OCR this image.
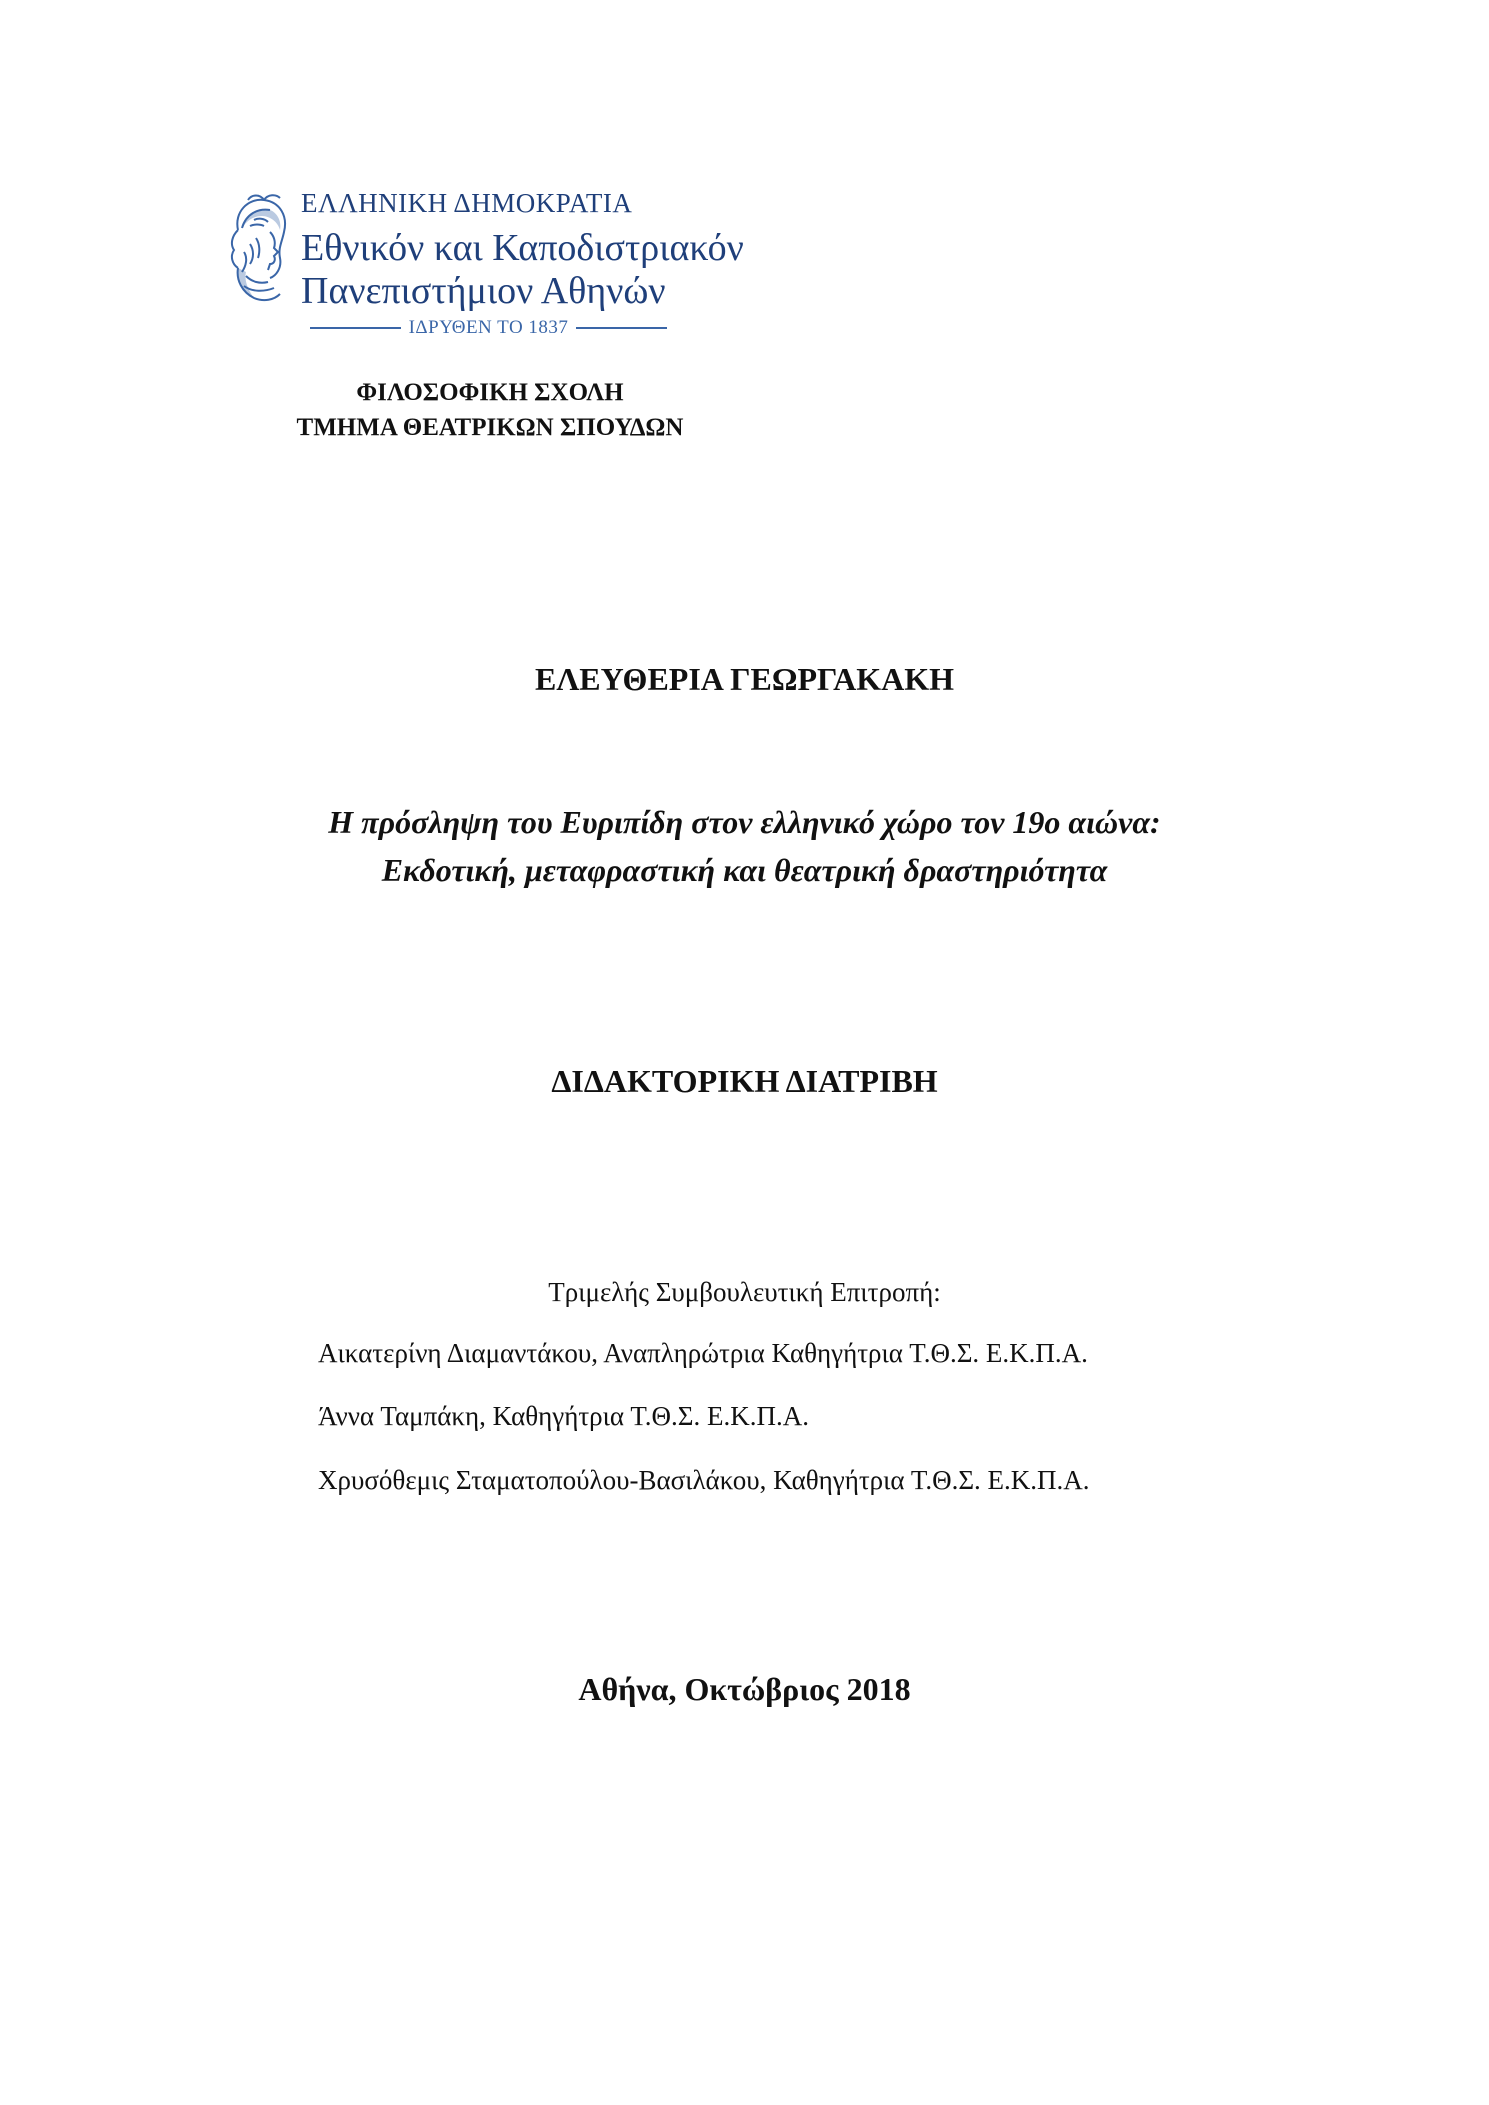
ΕΛΛΗΝΙΚΗ ΔΗΜΟΚΡΑΤΙΑ
Εθνικόν και Καποδιστριακόν
Πανεπιστήμιον Αθηνών
ΙΔΡΥΘΕΝ ΤΟ 1837
ΦΙΛΟΣΟΦΙΚΗ ΣΧΟΛΗ
ΤΜΗΜΑ ΘΕΑΤΡΙΚΩΝ ΣΠΟΥΔΩΝ
ΕΛΕΥΘΕΡΙΑ ΓΕΩΡΓΑΚΑΚΗ
Η πρόσληψη του Ευριπίδη στον ελληνικό χώρο τον 19ο αιώνα:
Εκδοτική, μεταφραστική και θεατρική δραστηριότητα
ΔΙΔΑΚΤΟΡΙΚΗ ΔΙΑΤΡΙΒΗ
Τριμελής Συμβουλευτική Επιτροπή:
Αικατερίνη Διαμαντάκου, Αναπληρώτρια Καθηγήτρια Τ.Θ.Σ. Ε.Κ.Π.Α.
Άννα Ταμπάκη, Καθηγήτρια Τ.Θ.Σ. Ε.Κ.Π.Α.
Χρυσόθεμις Σταματοπούλου-Βασιλάκου, Καθηγήτρια Τ.Θ.Σ. Ε.Κ.Π.Α.
Αθήνα, Οκτώβριος 2018
